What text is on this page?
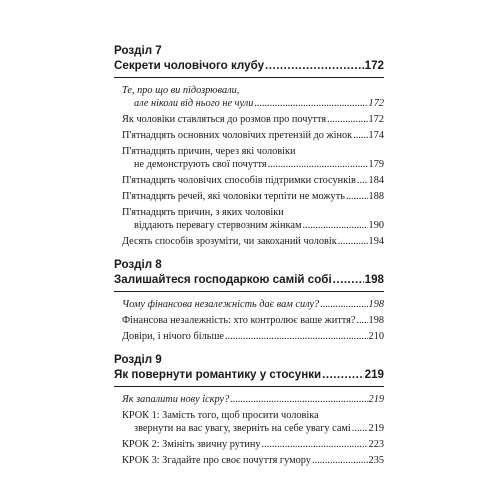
Розділ 7
Секрети чоловічого клубу .....	172
Те, про що ви підозрювали,
але ніколи від нього не чули .....	172
Як чоловіки ставляться до розмов про почуття .....	172
П'ятнадцять основних чоловічих претензій до жінок ..... 174
П'ятнадцять причин, через які чоловіки
не демонструють свої почуття .....	179
П'ятнадцять чоловічих способів підтримки стосунків ..... 184
П'ятнадцять речей, які чоловіки терпіти не можуть ..... 188
П'ятнадцять причин, з яких чоловіки
віддають перевагу стервозним жінкам .....	190
Десять способів зрозуміти, чи закоханий чоловік .....	194
Розділ 8
Залишайтеся господаркою самій собі .....	198
Чому фінансова незалежність дає вам силу? .....	198
Фінансова незалежність: хто контролює ваше життя? ..... 198
Довіри, і нічого більше .....	210
Розділ 9
Як повернути романтику у стосунки .....	219
Як запалити нову іскру? .....	219
КРОК 1: Замість того, щоб просити чоловіка
звернути на вас увагу, зверніть на себе увагу самі ..... 219
КРОК 2: Змініть звичну рутину .....	223
КРОК 3: Згадайте про своє почуття гумору .....	235
